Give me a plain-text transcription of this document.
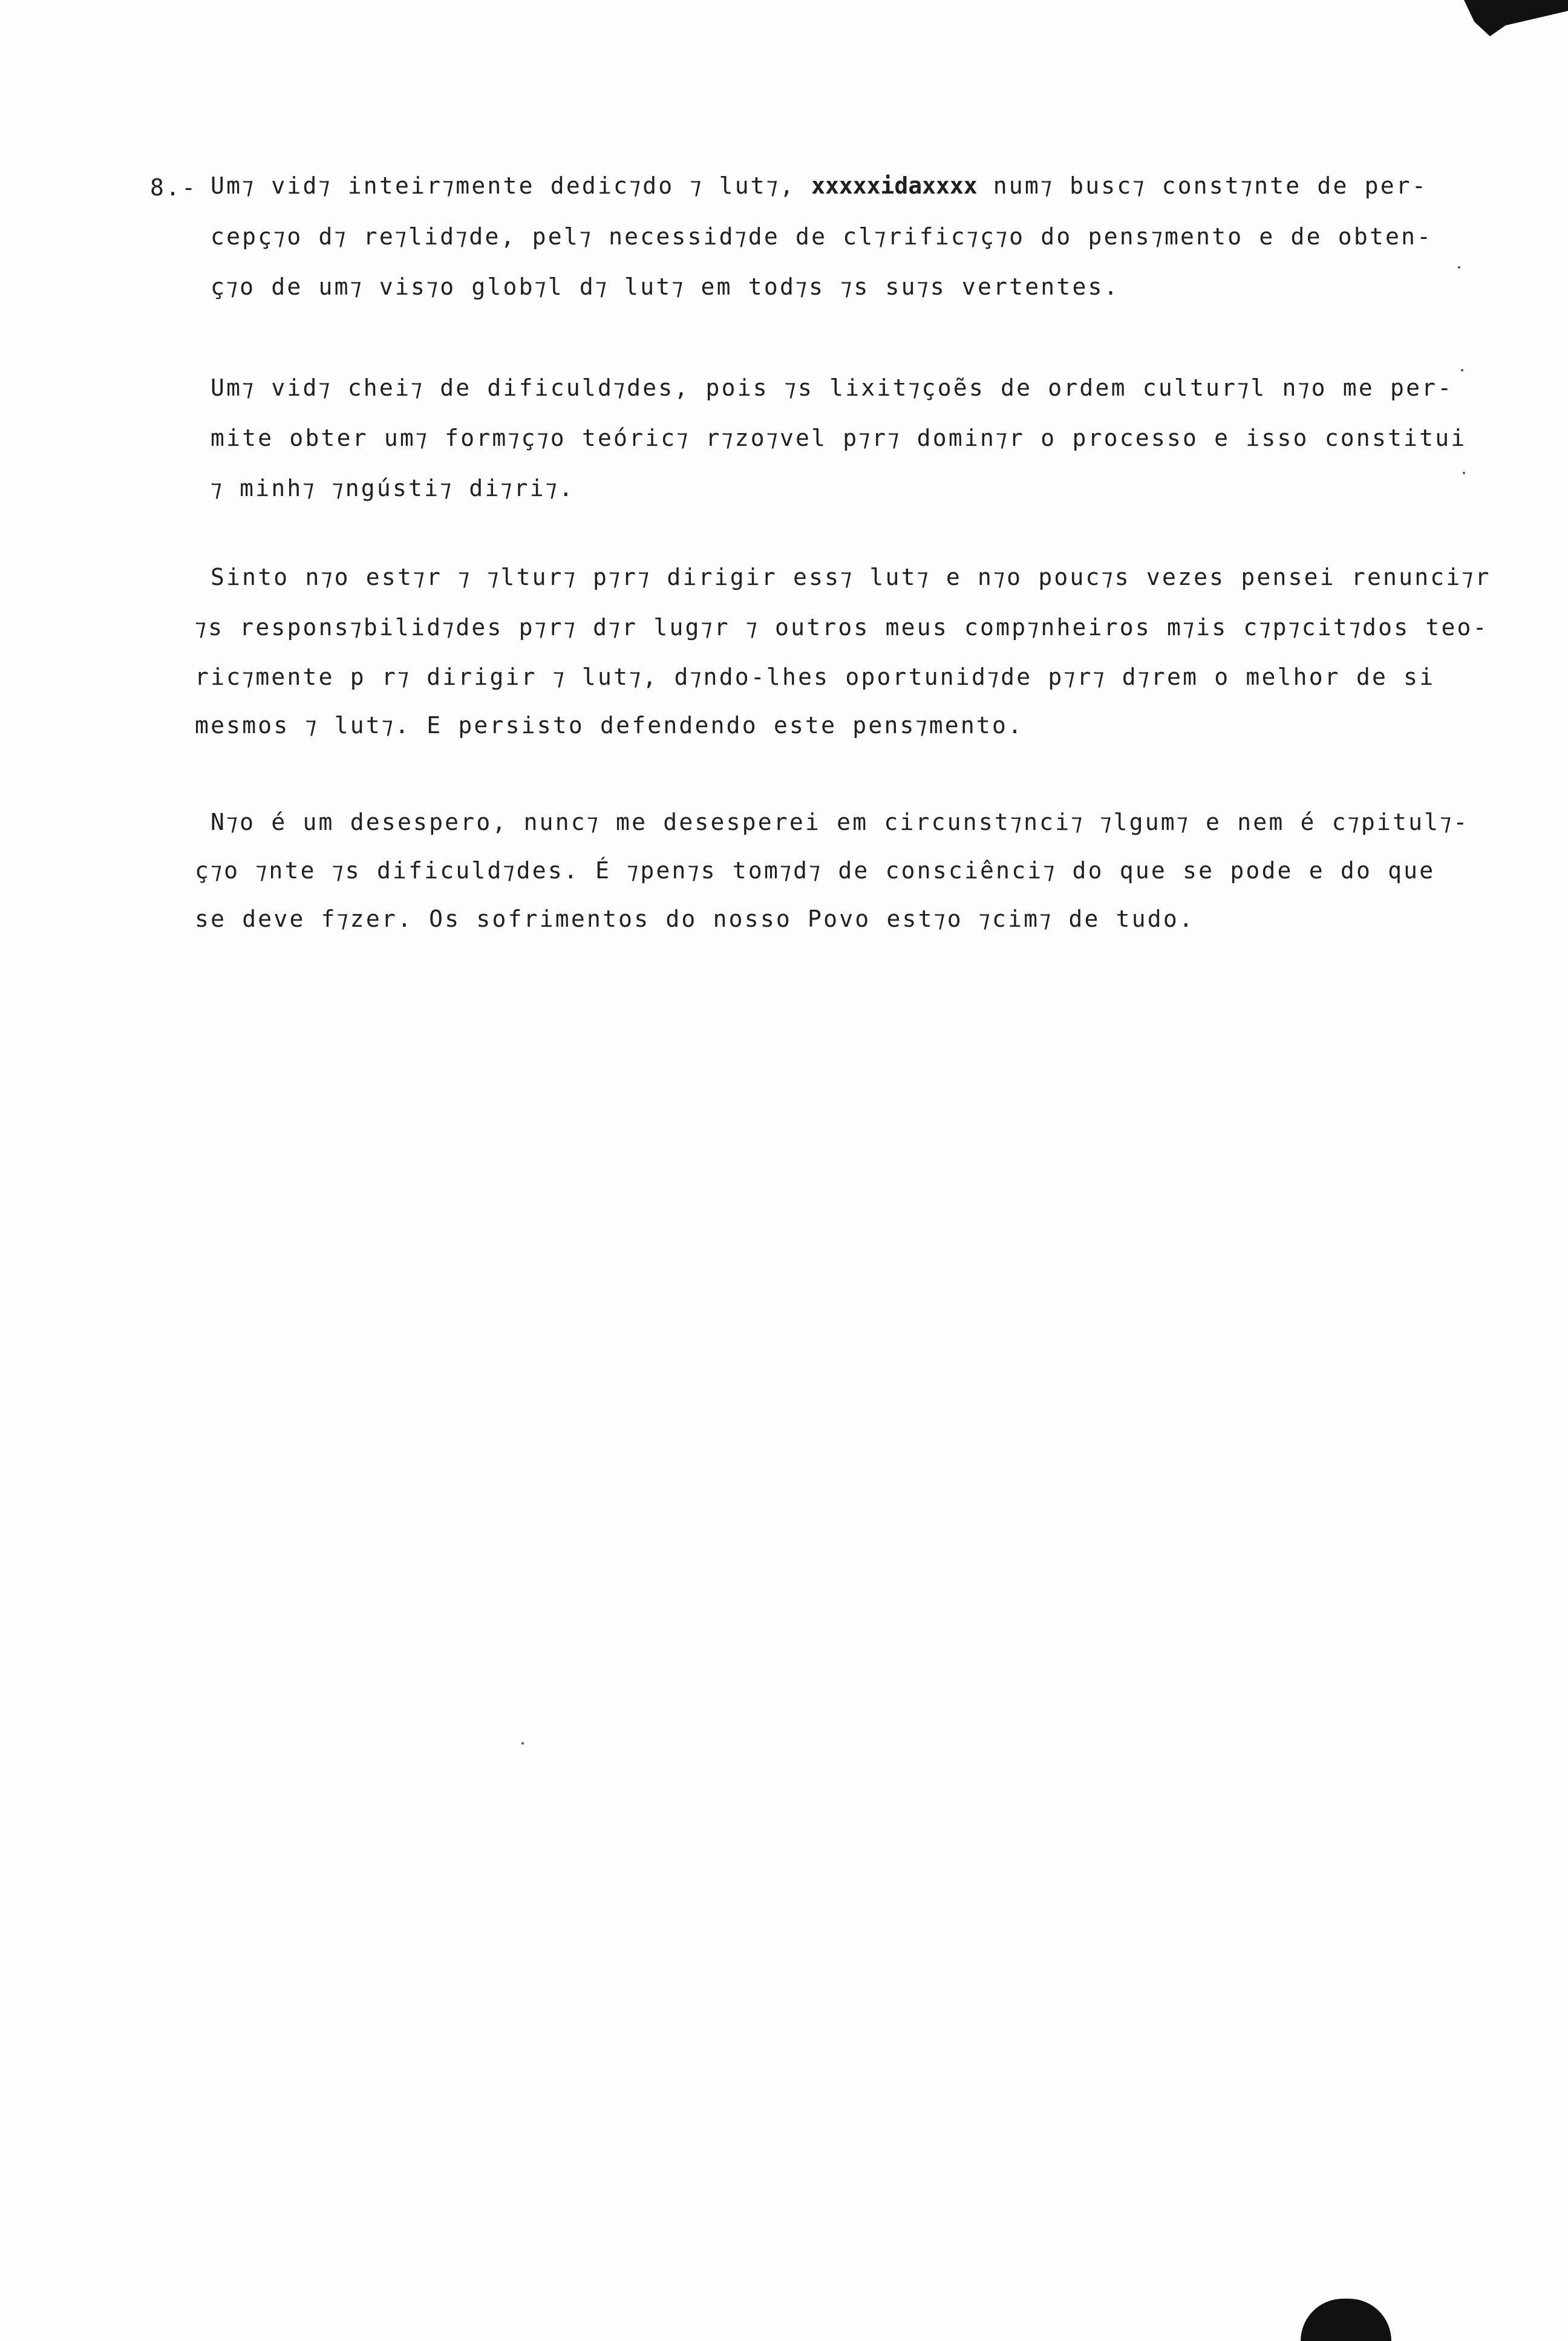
8.- Um⁊ vid⁊ inteir⁊mente dedic⁊do ⁊ lut⁊, xxxxxidaxxxx num⁊ busc⁊ const⁊nte de per-
cepç⁊o d⁊ re⁊lid⁊de, pel⁊ necessid⁊de de cl⁊rific⁊ç⁊o do pens⁊mento e de obten-
ç⁊o de um⁊ vis⁊o glob⁊l d⁊ lut⁊ em tod⁊s ⁊s su⁊s vertentes.
Um⁊ vid⁊ chei⁊ de dificuld⁊des, pois ⁊s lixit⁊çoẽs de ordem cultur⁊l n⁊o me per-
mite obter um⁊ form⁊ç⁊o teóric⁊ r⁊zo⁊vel p⁊r⁊ domin⁊r o processo e isso constitui
⁊ minh⁊ ⁊ngústi⁊ di⁊ri⁊.
Sinto n⁊o est⁊r ⁊ ⁊ltur⁊ p⁊r⁊ dirigir ess⁊ lut⁊ e n⁊o pouc⁊s vezes pensei renunci⁊r
⁊s respons⁊bilid⁊des p⁊r⁊ d⁊r lug⁊r ⁊ outros meus comp⁊nheiros m⁊is c⁊p⁊cit⁊dos teo-
ric⁊mente p r⁊ dirigir ⁊ lut⁊, d⁊ndo-lhes oportunid⁊de p⁊r⁊ d⁊rem o melhor de si
mesmos ⁊ lut⁊. E persisto defendendo este pens⁊mento.
N⁊o é um desespero, nunc⁊ me desesperei em circunst⁊nci⁊ ⁊lgum⁊ e nem é c⁊pitul⁊-
ç⁊o ⁊nte ⁊s dificuld⁊des. É ⁊pen⁊s tom⁊d⁊ de consciênci⁊ do que se pode e do que
se deve f⁊zer. Os sofrimentos do nosso Povo est⁊o ⁊cim⁊ de tudo.
